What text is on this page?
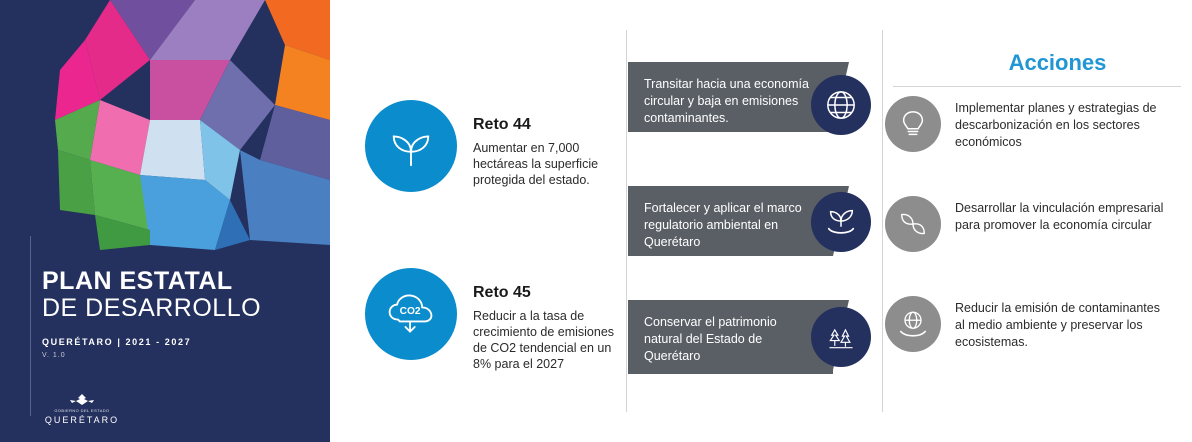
PLAN ESTATAL
DE DESARROLLO
QUERÉTARO | 2021 - 2027
V. 1.0
GOBIERNO DEL ESTADO
QUERÉTARO
Reto 44
Aumentar en 7,000 hectáreas la superficie protegida del estado.
CO2
Reto 45
Reducir a la tasa de crecimiento de emisiones de CO2 tendencial en un 8% para el 2027
Transitar hacia una economía circular y baja en emisiones contaminantes.
Fortalecer y aplicar el marco regulatorio ambiental en Querétaro
Conservar el patrimonio natural del Estado de Querétaro
Acciones
Implementar planes y estrategias de descarbonización en los sectores económicos
Desarrollar la vinculación empresarial para promover la economía circular
Reducir la emisión de contaminantes al medio ambiente y preservar los ecosistemas.
